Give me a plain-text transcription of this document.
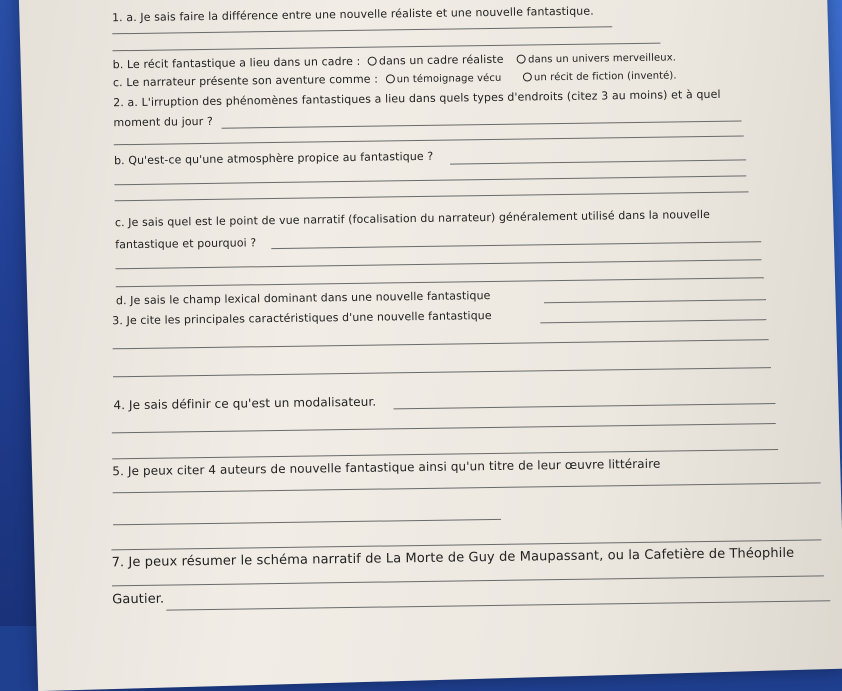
1. a. Je sais faire la différence entre une nouvelle réaliste et une nouvelle fantastique.
b. Le récit fantastique a lieu dans un cadre : dans un cadre réaliste dans un univers merveilleux.
c. Le narrateur présente son aventure comme : un témoignage vécu	un récit de fiction (inventé).
2. a. L'irruption des phénomènes fantastiques a lieu dans quels types d'endroits (citez 3 au moins) et à quel
moment du jour ?
b. Qu'est-ce qu'une atmosphère propice au fantastique ?
c. Je sais quel est le point de vue narratif (focalisation du narrateur) généralement utilisé dans la nouvelle
fantastique et pourquoi ?
d. Je sais le champ lexical dominant dans une nouvelle fantastique
3. Je cite les principales caractéristiques d'une nouvelle fantastique
4. Je sais définir ce qu'est un modalisateur.
5. Je peux citer 4 auteurs de nouvelle fantastique ainsi qu'un titre de leur œuvre littéraire
7. Je peux résumer le schéma narratif de La Morte de Guy de Maupassant, ou la Cafetière de Théophile
Gautier.
